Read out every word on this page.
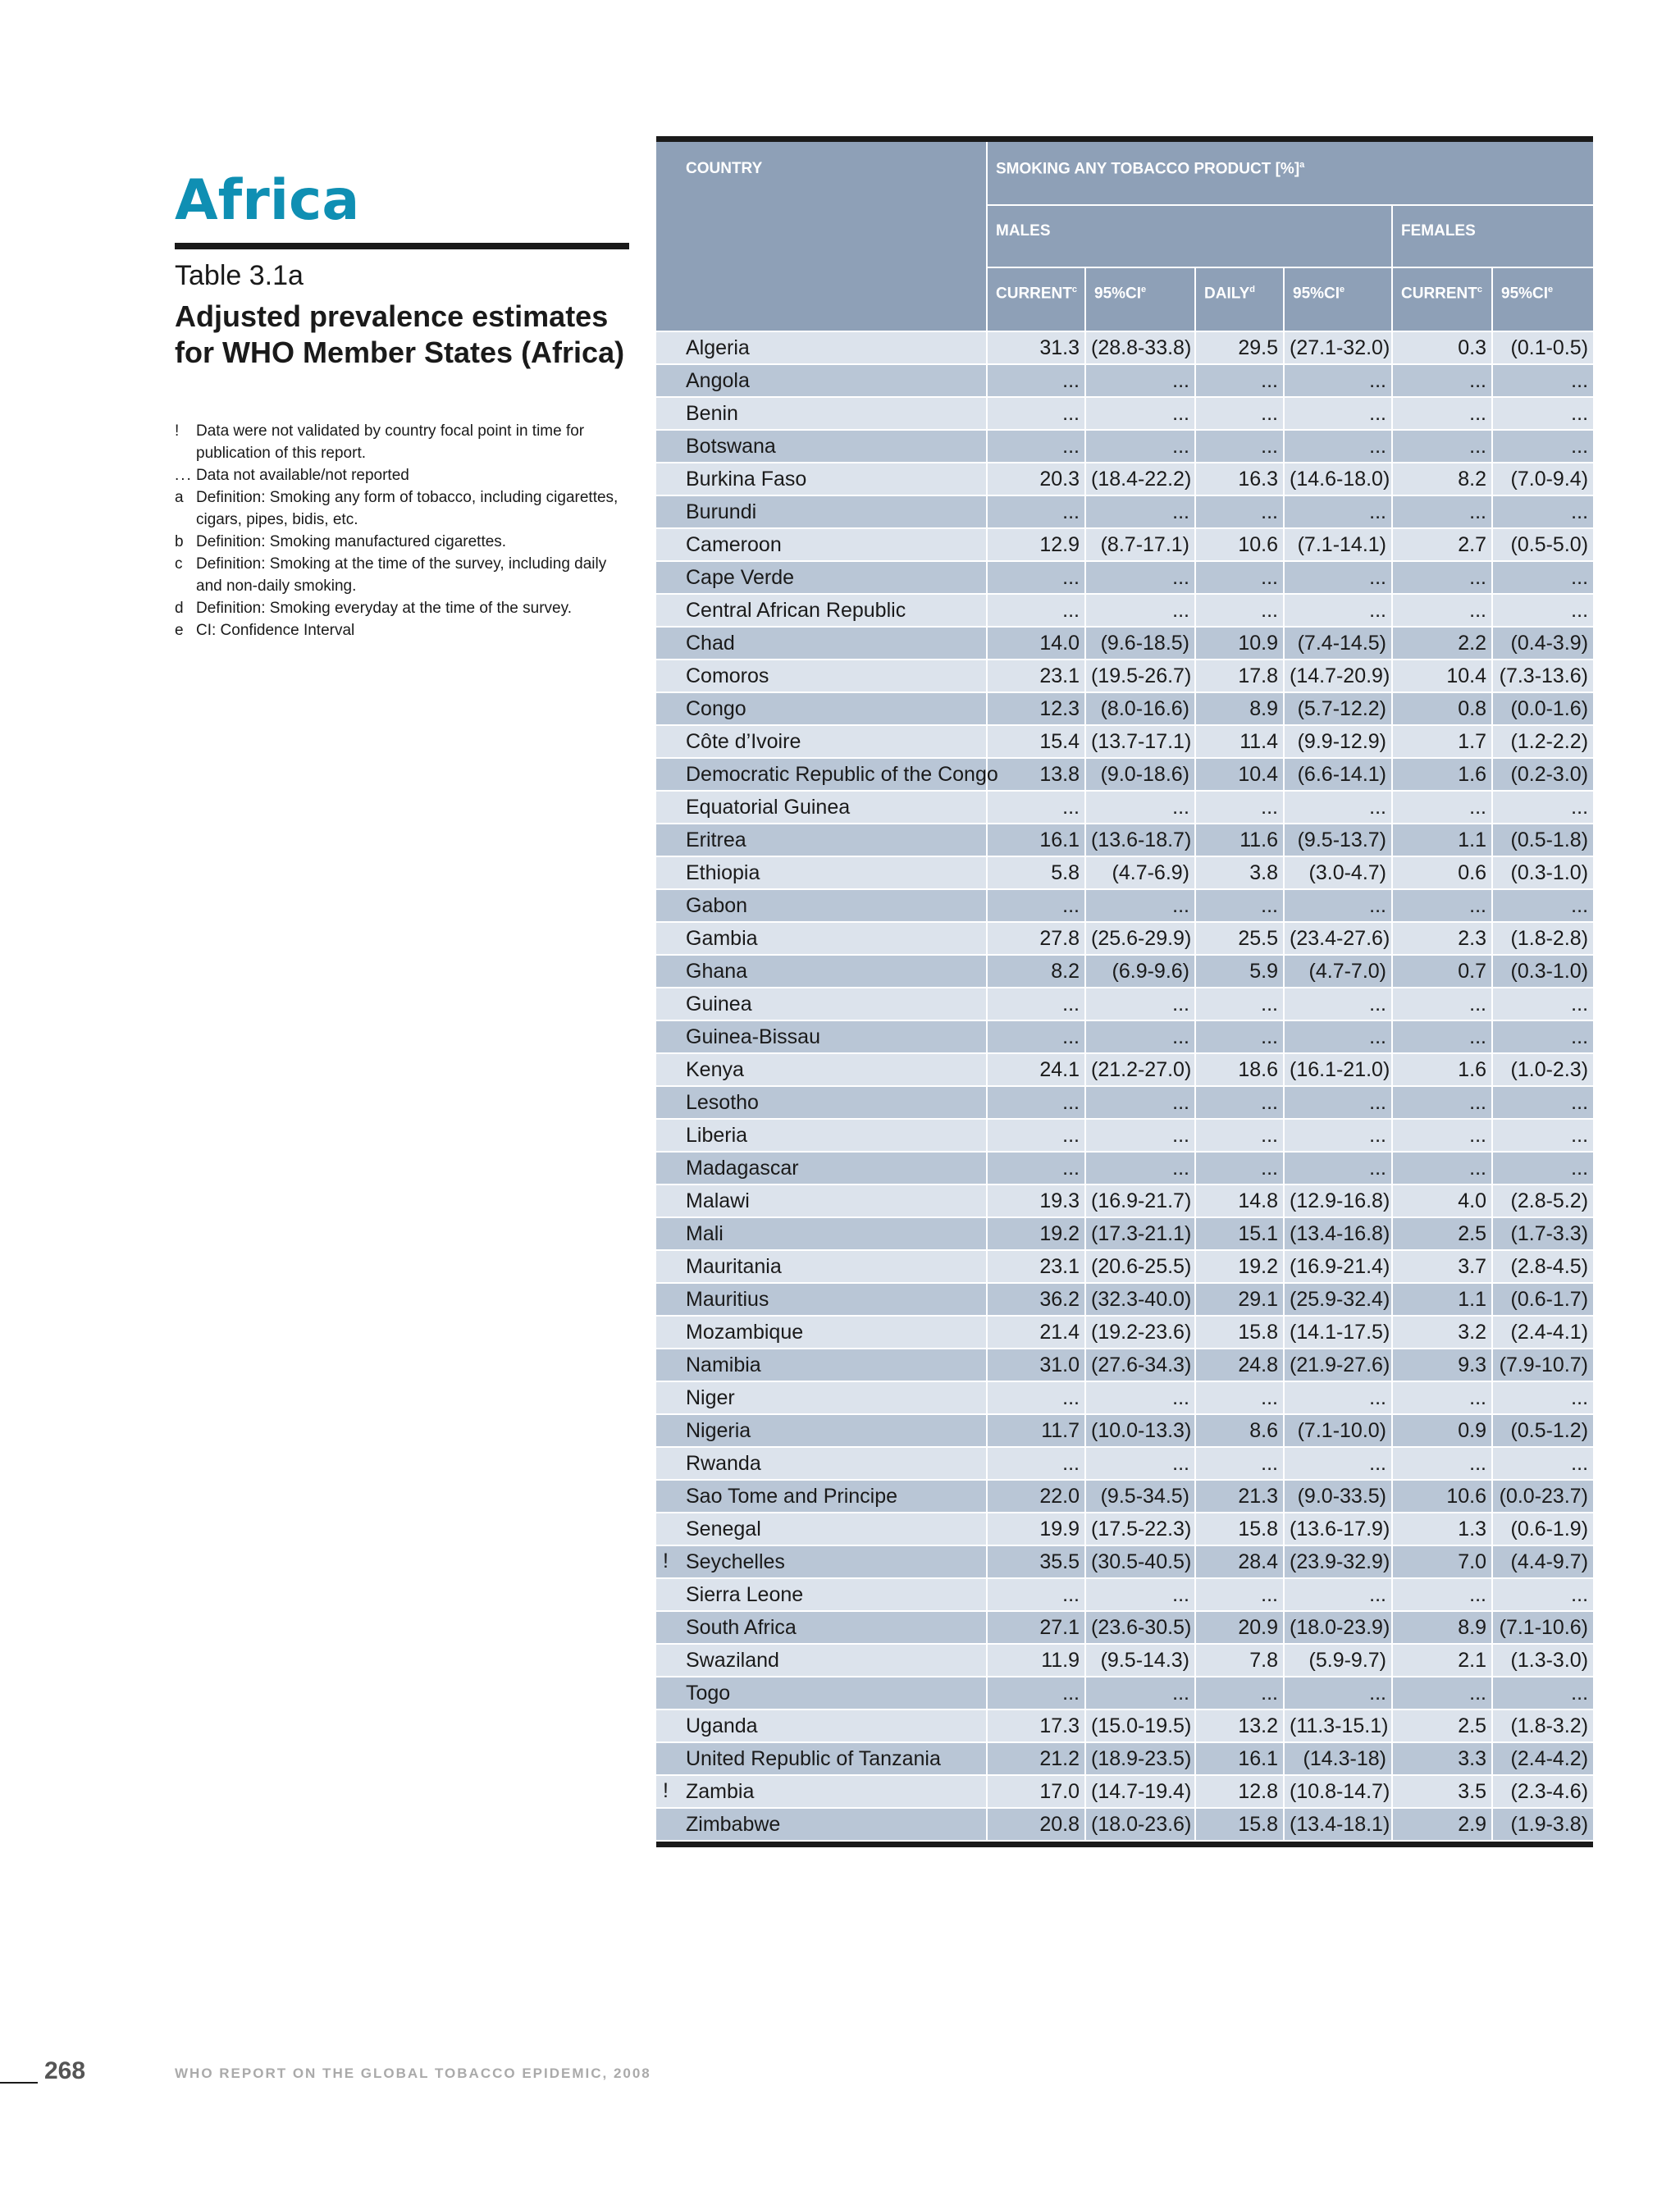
Africa
Table 3.1a
Adjusted prevalence estimates for WHO Member States (Africa)
!	Data were not validated by country focal point in time for publication of this report.
... Data not available/not reported
a Definition: Smoking any form of tobacco, including cigarettes, cigars, pipes, bidis, etc.
b Definition: Smoking manufactured cigarettes.
c Definition: Smoking at the time of the survey, including daily and non-daily smoking.
d Definition: Smoking everyday at the time of the survey.
e CI: Confidence Interval
COUNTRY	SMOKING ANY TOBACCO PRODUCT [%]$^a$
	MALES				FEMALES	
	CURRENT$^c$	95%CIe	DAILY$^d$	95%CIe	CURRENT$^c$	95%CIe
Algeria	31.3	(28.8-33.8)	29.5	(27.1-32.0)	0.3	(0.1-0.5)
Angola	...	...	...	...	...	...
Benin	...	...	...	...	...	...
Botswana	...	...	...	...	...	...
Burkina Faso	20.3	(18.4-22.2)	16.3	(14.6-18.0)	8.2	(7.0-9.4)
Burundi	...	...	...	...	...	...
Cameroon	12.9	(8.7-17.1)	10.6	(7.1-14.1)	2.7	(0.5-5.0)
Cape Verde	...	...	...	...	...	...
Central African Republic	...	...	...	...	...	...
Chad	14.0	(9.6-18.5)	10.9	(7.4-14.5)	2.2	(0.4-3.9)
Comoros	23.1	(19.5-26.7)	17.8	(14.7-20.9)	10.4	(7.3-13.6)
Congo	12.3	(8.0-16.6)	8.9	(5.7-12.2)	0.8	(0.0-1.6)
Côte d’Ivoire	15.4	(13.7-17.1)	11.4	(9.9-12.9)	1.7	(1.2-2.2)
Democratic Republic of the Congo	13.8	(9.0-18.6)	10.4	(6.6-14.1)	1.6	(0.2-3.0)
Equatorial Guinea	...	...	...	...	...	...
Eritrea	16.1	(13.6-18.7)	11.6	(9.5-13.7)	1.1	(0.5-1.8)
Ethiopia	5.8	(4.7-6.9)	3.8	(3.0-4.7)	0.6	(0.3-1.0)
Gabon	...	...	...	...	...	...
Gambia	27.8	(25.6-29.9)	25.5	(23.4-27.6)	2.3	(1.8-2.8)
Ghana	8.2	(6.9-9.6)	5.9	(4.7-7.0)	0.7	(0.3-1.0)
Guinea	...	...	...	...	...	...
Guinea-Bissau	...	...	...	...	...	...
Kenya	24.1	(21.2-27.0)	18.6	(16.1-21.0)	1.6	(1.0-2.3)
Lesotho	...	...	...	...	...	...
Liberia	...	...	...	...	...	...
Madagascar	...	...	...	...	...	...
Malawi	19.3	(16.9-21.7)	14.8	(12.9-16.8)	4.0	(2.8-5.2)
Mali	19.2	(17.3-21.1)	15.1	(13.4-16.8)	2.5	(1.7-3.3)
Mauritania	23.1	(20.6-25.5)	19.2	(16.9-21.4)	3.7	(2.8-4.5)
Mauritius	36.2	(32.3-40.0)	29.1	(25.9-32.4)	1.1	(0.6-1.7)
Mozambique	21.4	(19.2-23.6)	15.8	(14.1-17.5)	3.2	(2.4-4.1)
Namibia	31.0	(27.6-34.3)	24.8	(21.9-27.6)	9.3	(7.9-10.7)
Niger	...	...	...	...	...	...
Nigeria	11.7	(10.0-13.3)	8.6	(7.1-10.0)	0.9	(0.5-1.2)
Rwanda	...	...	...	...	...	...
Sao Tome and Principe	22.0	(9.5-34.5)	21.3	(9.0-33.5)	10.6	(0.0-23.7)
Senegal	19.9	(17.5-22.3)	15.8	(13.6-17.9)	1.3	(0.6-1.9)

! Seychelles	35.5	(30.5-40.5)	28.4	(23.9-32.9)	7.0	(4.4-9.7)
Sierra Leone	...	...	...	...	...	...
South Africa	27.1	(23.6-30.5)	20.9	(18.0-23.9)	8.9	(7.1-10.6)
Swaziland	11.9	(9.5-14.3)	7.8	(5.9-9.7)	2.1	(1.3-3.0)
Togo	...	...	...	...	...	...
Uganda	17.3	(15.0-19.5)	13.2	(11.3-15.1)	2.5	(1.8-3.2)
United Republic of Tanzania	21.2	(18.9-23.5)	16.1	(14.3-18)	3.3	(2.4-4.2)

! Zambia	17.0	(14.7-19.4)	12.8	(10.8-14.7)	3.5	(2.3-4.6)
Zimbabwe	20.8	(18.0-23.6)	15.8	(13.4-18.1)	2.9	(1.9-3.8)
268	WHO REPORT ON THE GLOBAL TOBACCO EPIDEMIC, 2008
